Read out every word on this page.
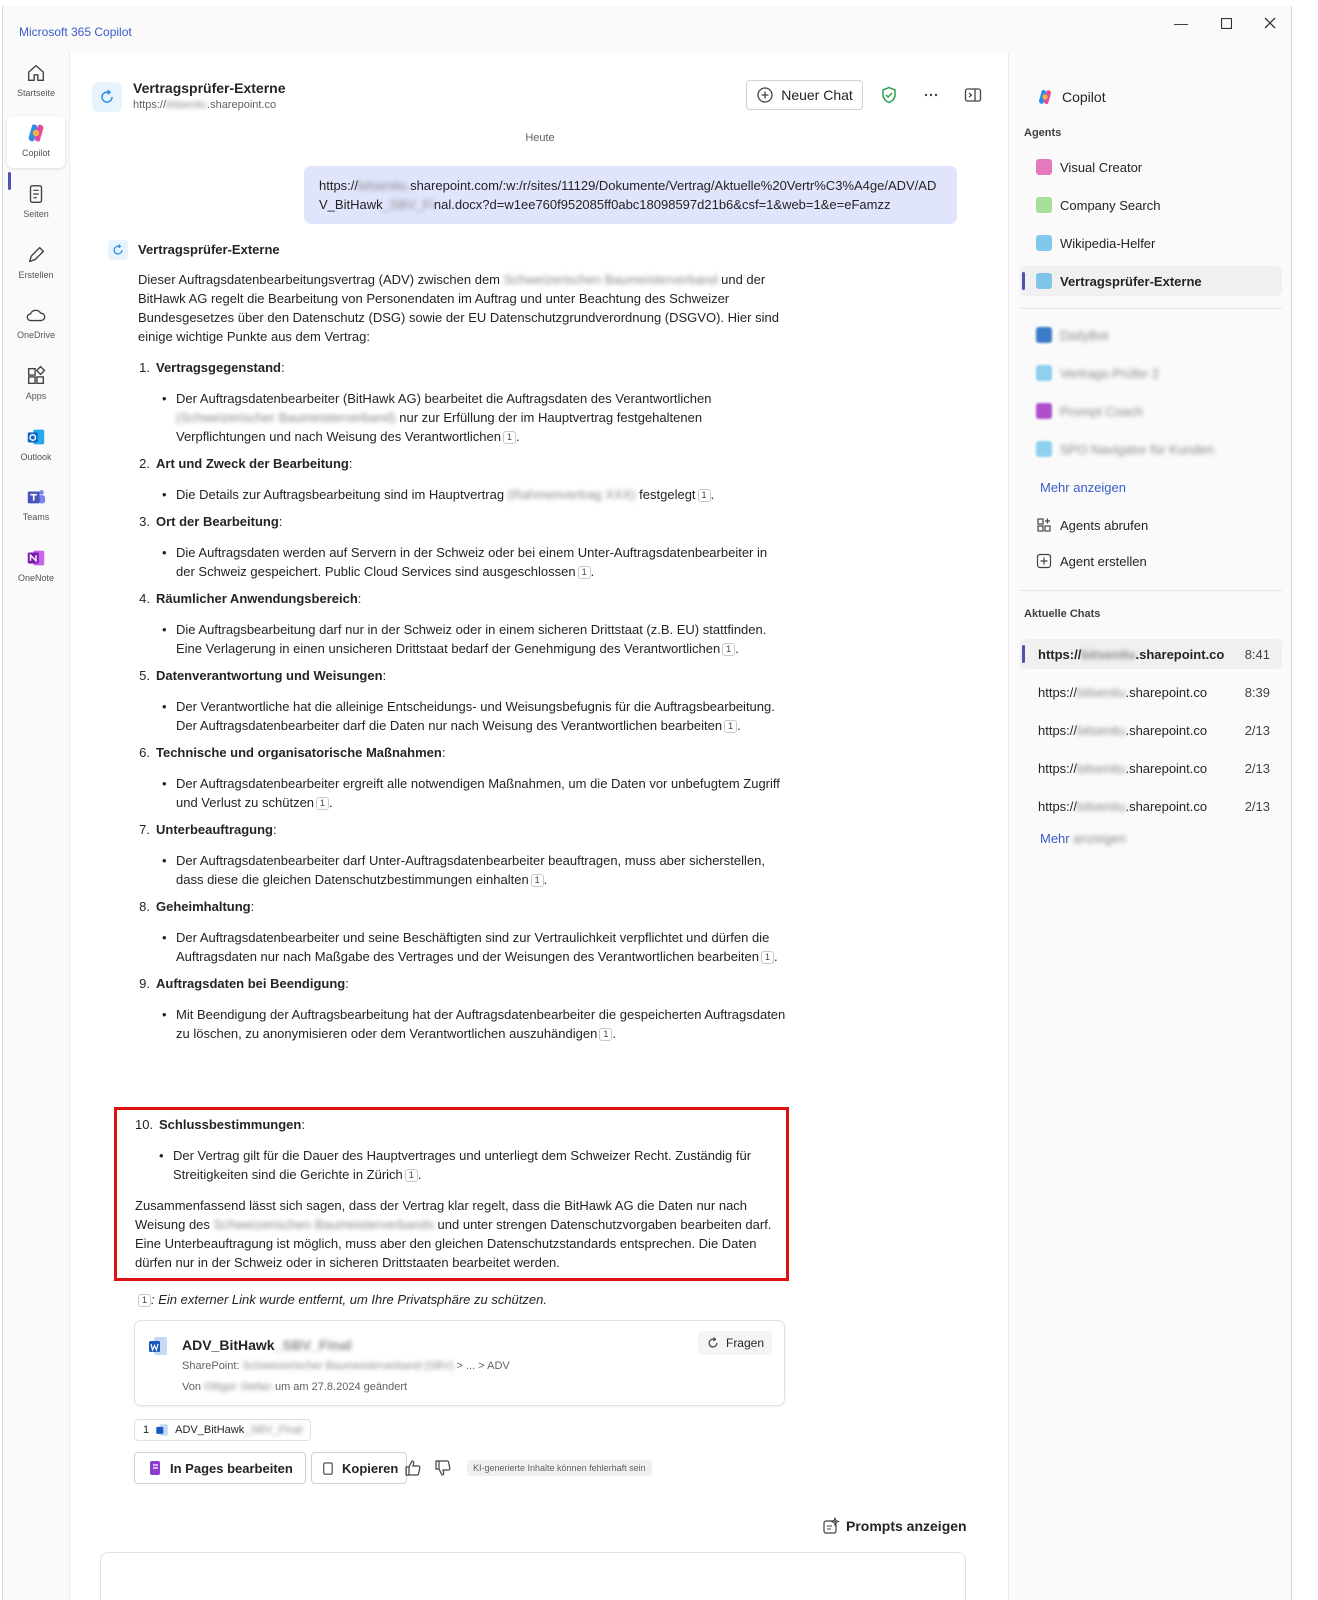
Microsoft 365 Copilot
—
Startseite
Copilot
Seiten
Erstellen
OneDrive
Apps
Outlook
Teams
OneNote
Vertragsprüfer-Externe
https://bitsenitu.sharepoint.co
Neuer Chat
Heute
https://bitsenitu.sharepoint.com/:w:/r/sites/11129/Dokumente/Vertrag/Aktuelle%20Vertr%C3%A4ge/ADV/ADV_BitHawk_SBV_Final.docx?d=w1ee760f952085ff0abc18098597d21b6&csf=1&web=1&e=eFamzz
Vertragsprüfer-Externe

Dieser Auftragsdatenbearbeitungsvertrag (ADV) zwischen dem Schweizerischen Baumeisterverband und der BitHawk AG regelt die Bearbeitung von Personendaten im Auftrag und unter Beachtung des Schweizer Bundesgesetzes über den Datenschutz (DSG) sowie der EU Datenschutzgrundverordnung (DSGVO). Hier sind einige wichtige Punkte aus dem Vertrag:

1. Vertragsgegenstand:
• Der Auftragsdatenbearbeiter (BitHawk AG) bearbeitet die Auftragsdaten des Verantwortlichen (Schweizerischer Baumeisterverband) nur zur Erfüllung der im Hauptvertrag festgehaltenen Verpflichtungen und nach Weisung des Verantwortlichen 1 .
2. Art und Zweck der Bearbeitung:
• Die Details zur Auftragsbearbeitung sind im Hauptvertrag (Rahmenvertrag XXX) festgelegt 1 .
3. Ort der Bearbeitung:
• Die Auftragsdaten werden auf Servern in der Schweiz oder bei einem Unter-Auftragsdatenbearbeiter in der Schweiz gespeichert. Public Cloud Services sind ausgeschlossen 1 .
4. Räumlicher Anwendungsbereich:
• Die Auftragsbearbeitung darf nur in der Schweiz oder in einem sicheren Drittstaat (z.B. EU) stattfinden. Eine Verlagerung in einen unsicheren Drittstaat bedarf der Genehmigung des Verantwortlichen 1 .
5. Datenverantwortung und Weisungen:
• Der Verantwortliche hat die alleinige Entscheidungs- und Weisungsbefugnis für die Auftragsbearbeitung. Der Auftragsdatenbearbeiter darf die Daten nur nach Weisung des Verantwortlichen bearbeiten 1 .
6. Technische und organisatorische Maßnahmen:
• Der Auftragsdatenbearbeiter ergreift alle notwendigen Maßnahmen, um die Daten vor unbefugtem Zugriff und Verlust zu schützen 1 .
7. Unterbeauftragung:
• Der Auftragsdatenbearbeiter darf Unter-Auftragsdatenbearbeiter beauftragen, muss aber sicherstellen, dass diese die gleichen Datenschutzbestimmungen einhalten 1 .
8. Geheimhaltung:
• Der Auftragsdatenbearbeiter und seine Beschäftigten sind zur Vertraulichkeit verpflichtet und dürfen die Auftragsdaten nur nach Maßgabe des Vertrages und der Weisungen des Verantwortlichen bearbeiten 1 .
9. Auftragsdaten bei Beendigung:
• Mit Beendigung der Auftragsbearbeitung hat der Auftragsdatenbearbeiter die gespeicherten Auftragsdaten zu löschen, zu anonymisieren oder dem Verantwortlichen auszuhändigen 1 .
10. Schlussbestimmungen:
• Der Vertrag gilt für die Dauer des Hauptvertrages und unterliegt dem Schweizer Recht. Zuständig für Streitigkeiten sind die Gerichte in Zürich 1 .

Zusammenfassend lässt sich sagen, dass der Vertrag klar regelt, dass die BitHawk AG die Daten nur nach Weisung des Schweizerischen Baumeisterverbands und unter strengen Datenschutzvorgaben bearbeiten darf. Eine Unterbeauftragung ist möglich, muss aber den gleichen Datenschutzstandards entsprechen. Die Daten dürfen nur in der Schweiz oder in sicheren Drittstaaten bearbeitet werden.

1 : Ein externer Link wurde entfernt, um Ihre Privatsphäre zu schützen.
ADV_BitHawk_SBV_Final
SharePoint: Schweizerischer Baumeisterverband (SBV) > ... > ADV
Von Ottiger Stefan um am 27.8.2024 geändert
Fragen
1 ADV_BitHawk_SBV_Final
In Pages bearbeiten	Kopieren	KI-generierte Inhalte können fehlerhaft sein
Prompts anzeigen
Copilot
Agents
Visual Creator
Company Search
Wikipedia-Helfer
Vertragsprüfer-Externe
DailyBot
Vertrags-Prüfer 2
Prompt Coach
SPO Navigator für Kunden
Mehr anzeigen
Agents abrufen
Agent erstellen
Aktuelle Chats
https://bitsenitu.sharepoint.co 8:41
https://bitsenitu.sharepoint.co	8:39
https://bitsenitu.sharepoint.co	2/13
https://bitsenitu.sharepoint.co	2/13
https://bitsenitu.sharepoint.co	2/13
Mehr anzeigen
